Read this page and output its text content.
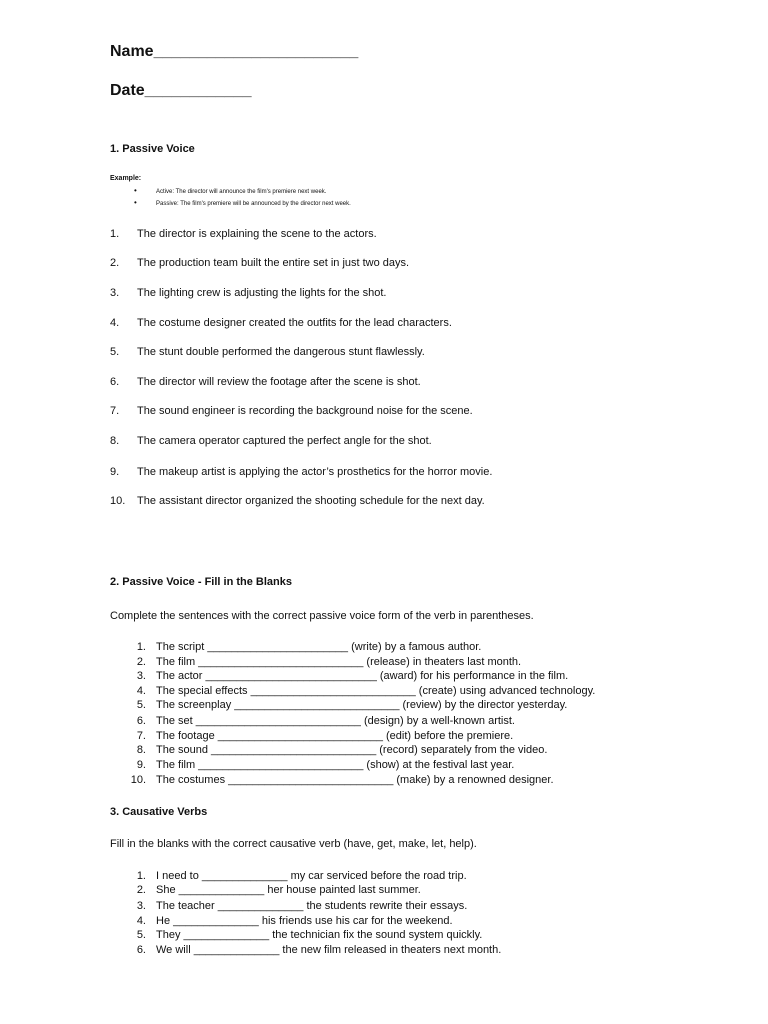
Name_______________________
Date____________
1. Passive Voice
Example:
•	Active: The director will announce the film's premiere next week.
•	Passive: The film's premiere will be announced by the director next week.
1. The director is explaining the scene to the actors.
2. The production team built the entire set in just two days.
3. The lighting crew is adjusting the lights for the shot.
4. The costume designer created the outfits for the lead characters.
5. The stunt double performed the dangerous stunt flawlessly.
6. The director will review the footage after the scene is shot.
7. The sound engineer is recording the background noise for the scene.
8. The camera operator captured the perfect angle for the shot.
9. The makeup artist is applying the actor’s prosthetics for the horror movie.
10. The assistant director organized the shooting schedule for the next day.
2. Passive Voice - Fill in the Blanks
Complete the sentences with the correct passive voice form of the verb in parentheses.
1. The script _______________________ (write) by a famous author.
2. The film ___________________________ (release) in theaters last month.
3. The actor ____________________________ (award) for his performance in the film.
4. The special effects ___________________________ (create) using advanced technology.
5. The screenplay ___________________________ (review) by the director yesterday.
6. The set ___________________________ (design) by a well-known artist.
7. The footage ___________________________ (edit) before the premiere.
8. The sound ___________________________ (record) separately from the video.
9. The film ___________________________ (show) at the festival last year.
10. The costumes ___________________________ (make) by a renowned designer.
3. Causative Verbs
Fill in the blanks with the correct causative verb (have, get, make, let, help).
1. I need to ______________ my car serviced before the road trip.
2. She ______________ her house painted last summer.
3. The teacher ______________ the students rewrite their essays.
4. He ______________ his friends use his car for the weekend.
5. They ______________ the technician fix the sound system quickly.
6. We will ______________ the new film released in theaters next month.
